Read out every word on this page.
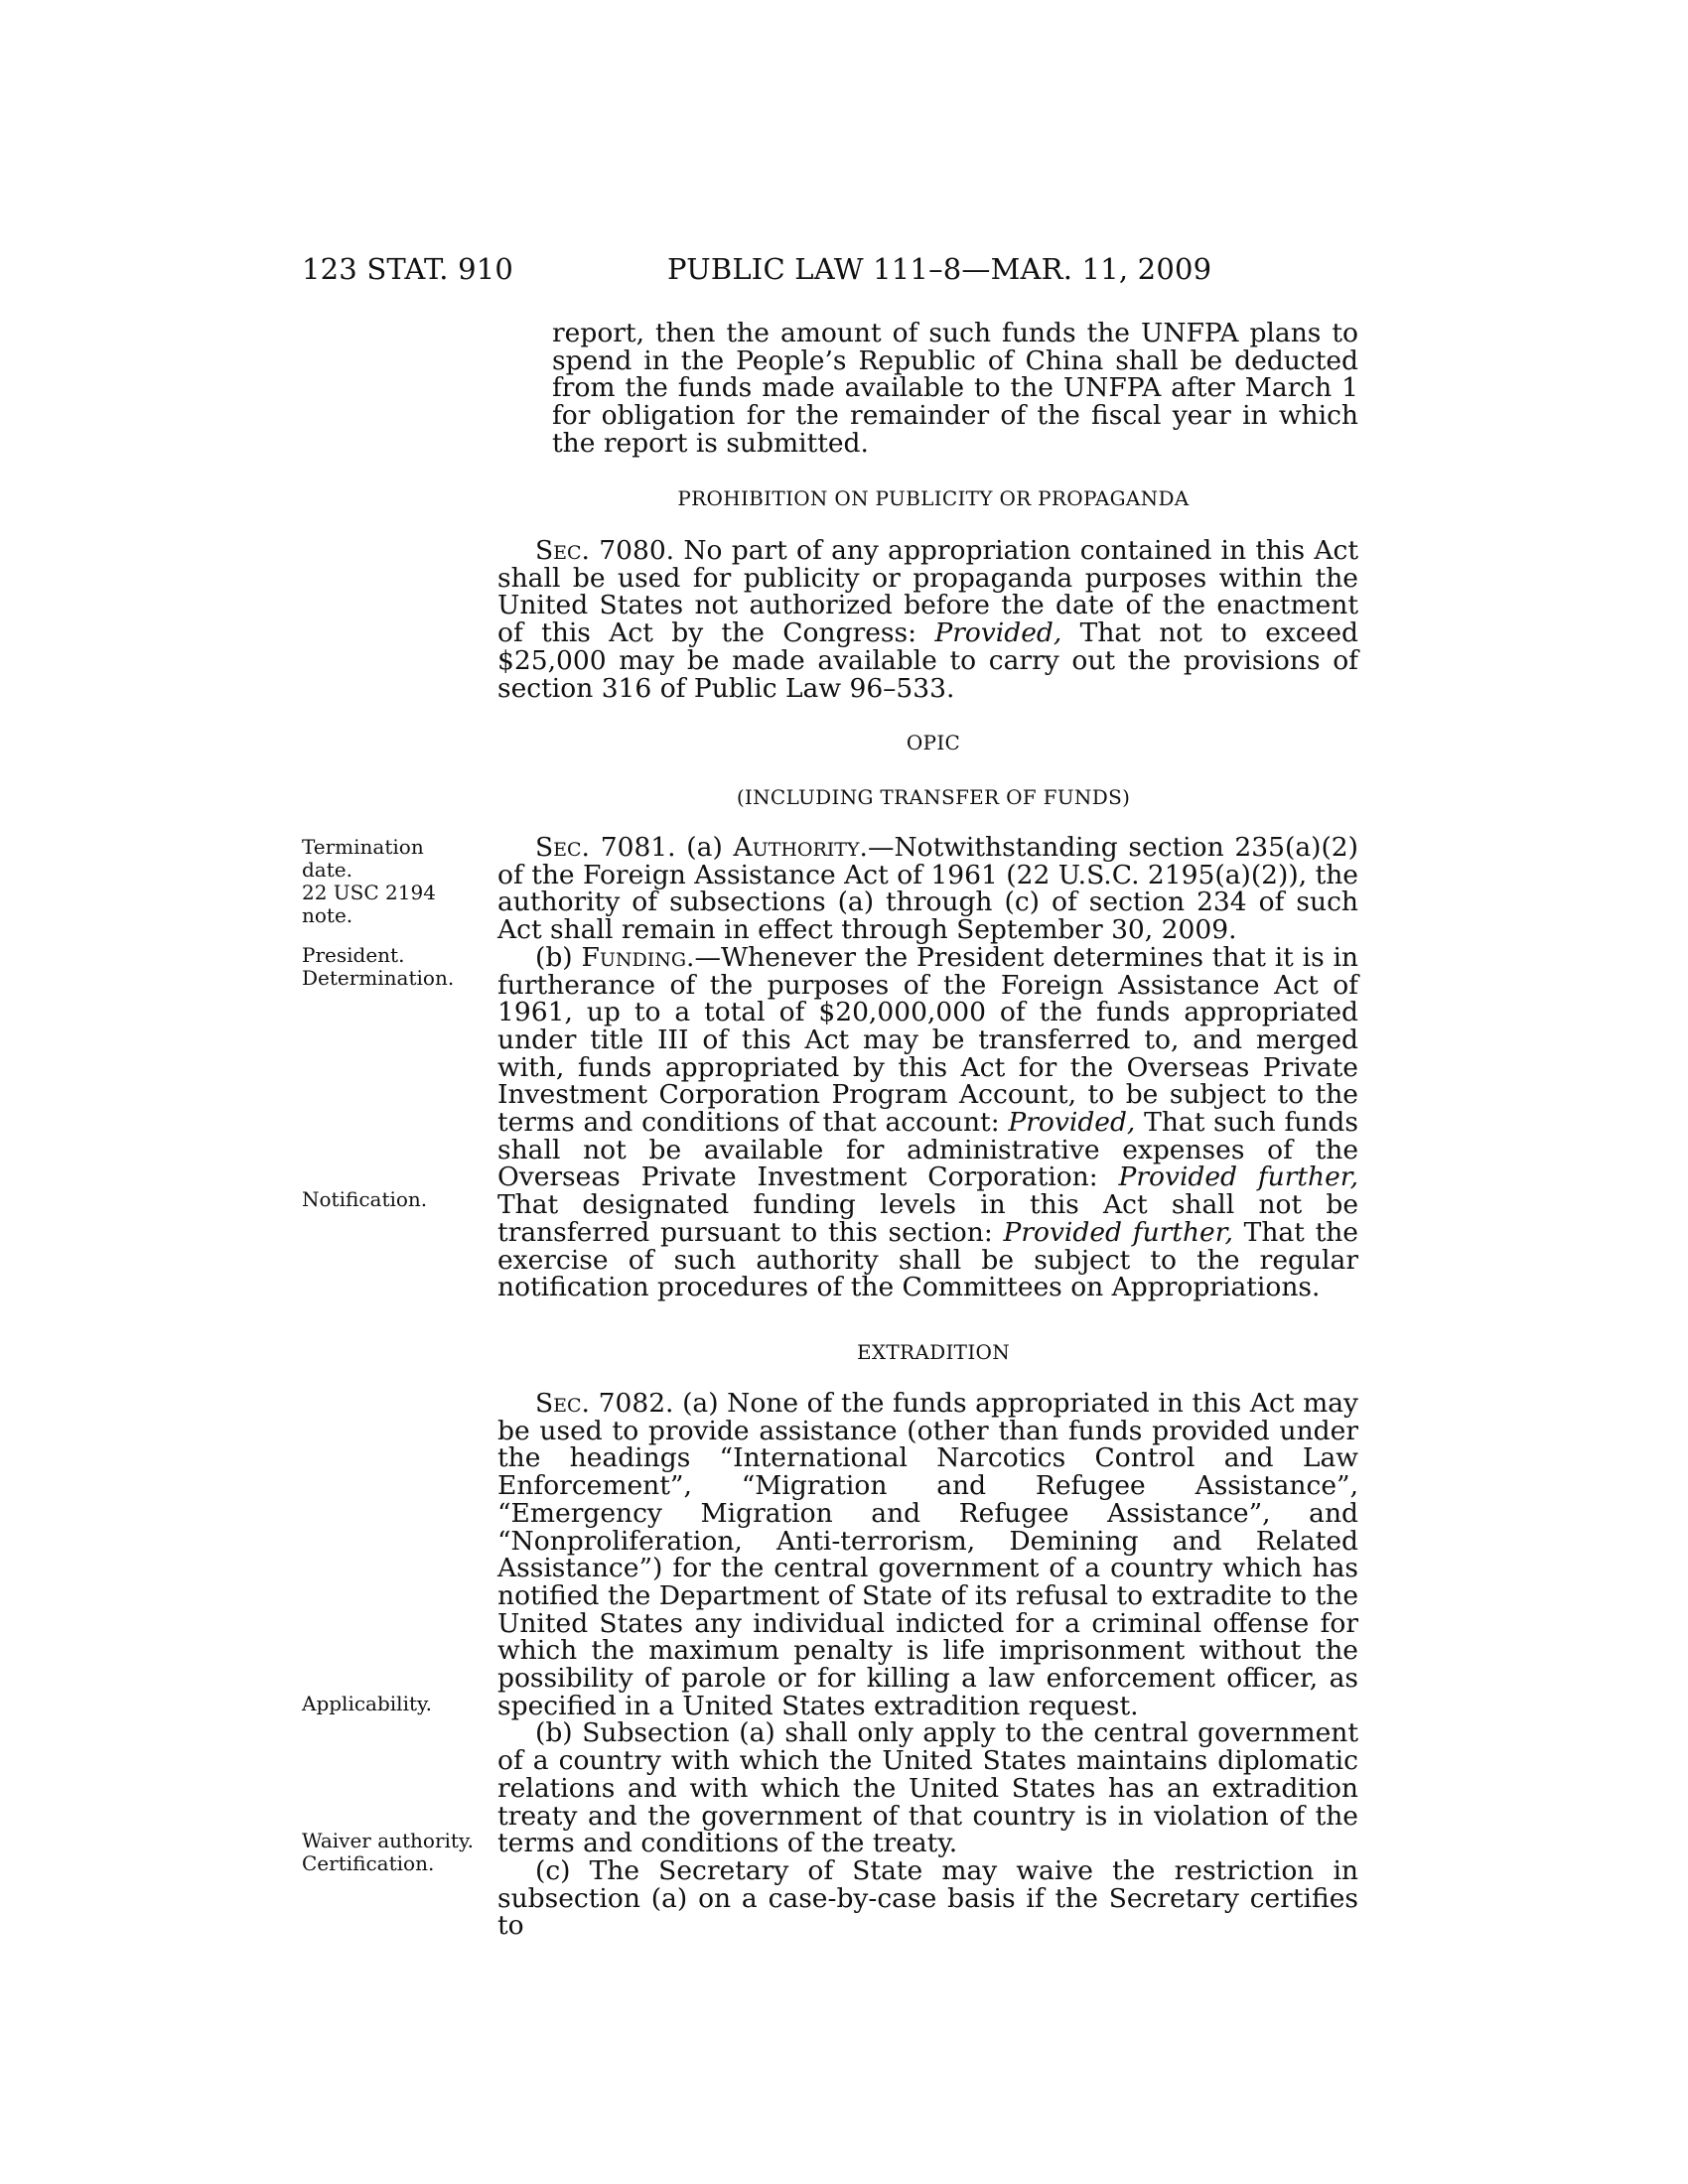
123 STAT. 910	PUBLIC LAW 111–8—MAR. 11, 2009

report, then the amount of such funds the UNFPA plans to spend in the People’s Republic of China shall be deducted from the funds made available to the UNFPA after March 1 for obligation for the remainder of the fiscal year in which the report is submitted.

PROHIBITION ON PUBLICITY OR PROPAGANDA

Sec. 7080. No part of any appropriation contained in this Act shall be used for publicity or propaganda purposes within the United States not authorized before the date of the enactment of this Act by the Congress: Provided, That not to exceed $25,000 may be made available to carry out the provisions of section 316 of Public Law 96–533.

OPIC
(INCLUDING TRANSFER OF FUNDS)

Sec. 7081. (a) Authority.—Notwithstanding section 235(a)(2) of the Foreign Assistance Act of 1961 (22 U.S.C. 2195(a)(2)), the authority of subsections (a) through (c) of section 234 of such Act shall remain in effect through September 30, 2009.

(b) Funding.—Whenever the President determines that it is in furtherance of the purposes of the Foreign Assistance Act of 1961, up to a total of $20,000,000 of the funds appropriated under title III of this Act may be transferred to, and merged with, funds appropriated by this Act for the Overseas Private Investment Corporation Program Account, to be subject to the terms and conditions of that account: Provided, That such funds shall not be available for administrative expenses of the Overseas Private Investment Corporation: Provided further, That designated funding levels in this Act shall not be transferred pursuant to this section: Provided further, That the exercise of such authority shall be subject to the regular notification procedures of the Committees on Appropriations.

EXTRADITION

Sec. 7082. (a) None of the funds appropriated in this Act may be used to provide assistance (other than funds provided under the headings “International Narcotics Control and Law Enforcement”, “Migration and Refugee Assistance”, “Emergency Migration and Refugee Assistance”, and “Nonproliferation, Anti-terrorism, Demining and Related Assistance”) for the central government of a country which has notified the Department of State of its refusal to extradite to the United States any individual indicted for a criminal offense for which the maximum penalty is life imprisonment without the possibility of parole or for killing a law enforcement officer, as specified in a United States extradition request.

(b) Subsection (a) shall only apply to the central government of a country with which the United States maintains diplomatic relations and with which the United States has an extradition treaty and the government of that country is in violation of the terms and conditions of the treaty.

(c) The Secretary of State may waive the restriction in subsection (a) on a case-by-case basis if the Secretary certifies to

Termination
date.
22 USC 2194
note.
President.
Determination.
Notification.
Applicability.
Waiver authority.
Certification.
